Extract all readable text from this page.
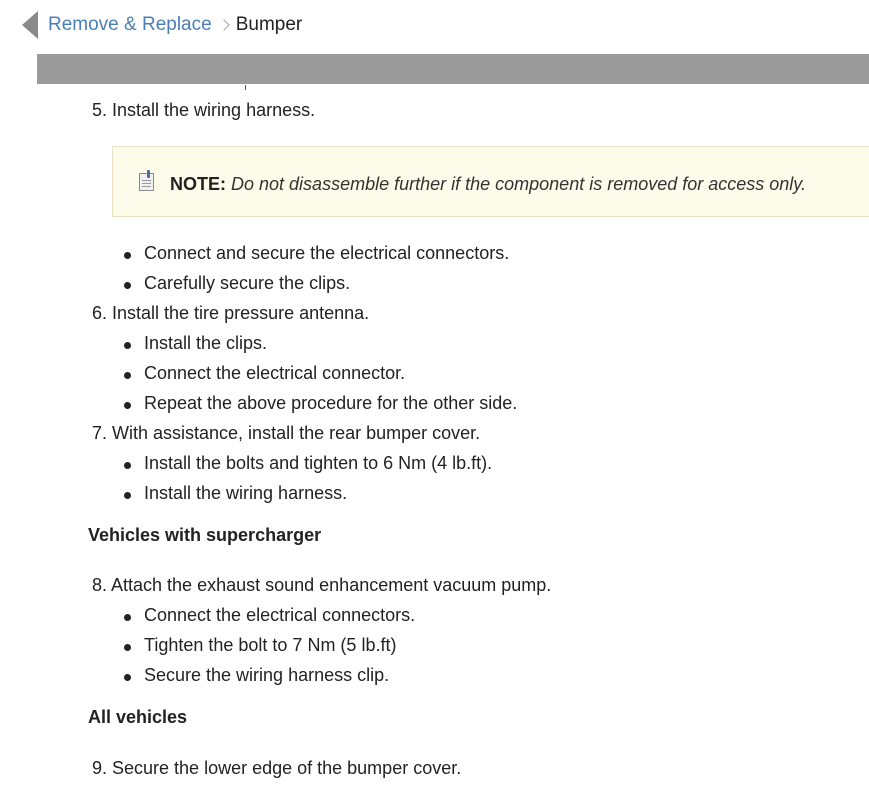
Remove & Replace Bumper
5. Install the wiring harness.
NOTE: Do not disassemble further if the component is removed for access only.
Connect and secure the electrical connectors.
Carefully secure the clips.
6. Install the tire pressure antenna.
Install the clips.
Connect the electrical connector.
Repeat the above procedure for the other side.
7. With assistance, install the rear bumper cover.
Install the bolts and tighten to 6 Nm (4 lb.ft).
Install the wiring harness.
Vehicles with supercharger
8. Attach the exhaust sound enhancement vacuum pump.
Connect the electrical connectors.
Tighten the bolt to 7 Nm (5 lb.ft)
Secure the wiring harness clip.
All vehicles
9. Secure the lower edge of the bumper cover.
